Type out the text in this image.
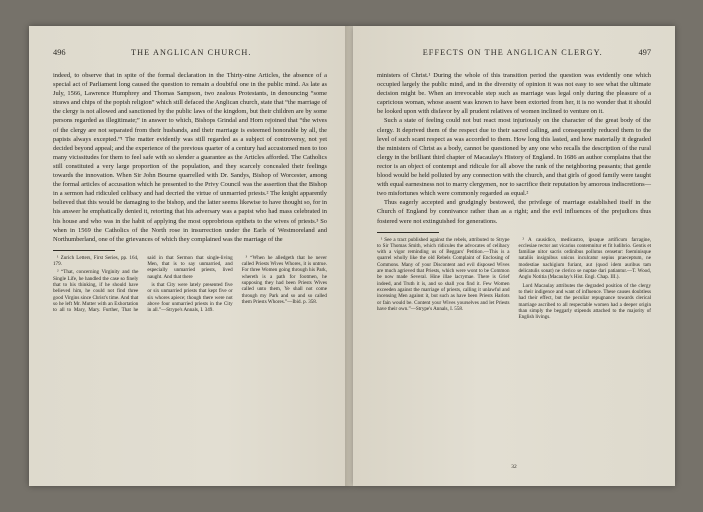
496	THE ANGLICAN CHURCH.

indeed, to observe that in spite of the formal declaration in the Thirty-nine Articles, the absence of a special act of Parliament long caused the question to remain a doubtful one in the public mind. As late as July, 1566, Lawrence Humphrey and Thomas Sampson, two zealous Protestants, in denouncing “some straws and chips of the popish religion” which still defaced the Anglican church, state that “the marriage of the clergy is not allowed and sanctioned by the public laws of the kingdom, but their children are by some persons regarded as illegitimate;” in answer to which, Bishops Grindal and Horn rejoined that “the wives of the clergy are not separated from their husbands, and their marriage is esteemed honorable by all, the papists always excepted.”¹ The matter evidently was still regarded as a subject of controversy, not yet decided beyond appeal; and the experience of the previous quarter of a century had accustomed men to too many vicissitudes for them to feel safe with so slender a guarantee as the Articles afforded. The Catholics still constituted a very large proportion of the population, and they scarcely concealed their feelings towards the innovation. When Sir John Bourne quarrelled with Dr. Sandys, Bishop of Worcester, among the formal articles of accusation which he presented to the Privy Council was the assertion that the Bishop in a sermon had ridiculed celibacy and had decried the virtue of unmarried priests.² The knight apparently believed that this would be damaging to the bishop, and the latter seems likewise to have thought so, for in his answer he emphatically denied it, retorting that his adversary was a papist who had mass celebrated in his house and who was in the habit of applying the most opprobrious epithets to the wives of priests.³ So when in 1569 the Catholics of the North rose in insurrection under the Earls of Westmoreland and Northumberland, one of the grievances of which they complained was the marriage of the

¹ Zurich Letters, First Series, pp. 164, 179.

² “That, concerning Virginity and the Single Life, he handled the case so finely that to his thinking, if he should have believed him, he could not find three good Virgins since Christ's time. And that so he left Mr. Mutter with an Exhortation to all to Mary, Mary. Further, That he said in that Sermon that single-living Men, that is to say unmarried, and especially unmarried priests, lived naught. And that there

is that City were lately presented five or six unmarried priests that kept five or six whores apiece; though there were not above four unmarried priests in the City in all.”—Strype's Annals, I. 349.

³ “When he alledgeth that he never called Priests Wives Whores, it is untrue. For three Women going through his Park, whereth is a path for footmen, he supposing they had been Priests Wives called unto them, Ye shall not come through my Park and so and so called them Priests Whores.”—Ibid. p. 358.

EFFECTS ON THE ANGLICAN CLERGY.	497

ministers of Christ.¹ During the whole of this transition period the question was evidently one which occupied largely the public mind, and in the diversity of opinion it was not easy to see what the ultimate decision might be. When an irrevocable step such as marriage was legal only during the pleasure of a capricious woman, whose assent was known to have been extorted from her, it is no wonder that it should be looked upon with disfavor by all prudent relatives of women inclined to venture on it.

Such a state of feeling could not but react most injuriously on the character of the great body of the clergy. It deprived them of the respect due to their sacred calling, and consequently reduced them to the level of such scant respect as was accorded to them. How long this lasted, and how materially it degraded the ministers of Christ as a body, cannot be questioned by any one who recalls the description of the rural clergy in the brilliant third chapter of Macaulay's History of England. In 1686 an author complains that the rector is an object of contempt and ridicule for all above the rank of the neighboring peasants; that gentle blood would be held polluted by any connection with the church, and that girls of good family were taught with equal earnestness not to marry clergymen, nor to sacrifice their reputation by amorous indiscretions—two misfortunes which were commonly regarded as equal.²

Thus eagerly accepted and grudgingly bestowed, the privilege of marriage established itself in the Church of England by connivance rather than as a right; and the evil influences of the prejudices thus fostered were not extinguished for generations.

¹ See a tract published against the rebels, attributed to Strype to Sir Thomas Smith, which ridicules the advocates of celibacy with a vigor reminding us of Beggars' Petition.—This is a quarrel wholly like the old Rebels Complaint of Enclosing of Commons. Many of your Discontent and evil disposed Wives are much agrieved that Priests, which were wont to be Common be now made Several. Hine illae lacrymae. There is Grief indeed, and Truth it is, and so shall you find it. Few Women exceeden against the marriage of priests, calling it unlawful and incensing Men against it, but such as have been Priests Harlots or fain would be. Content your Wives yourselves and let Priests have their own.”—Strype's Annals, I. 558.

² A causidico, medicastro, ipsaque artificum farragine, ecclesiae rector aut vicarius contemnitur et fit ludibrio. Gentis et familiae nitor sacris ordinibus pollutus censetur: foeminisque nataliis insignibus unicus inculcatur sepius praeceptum, ne modestiae nachigium furiant, aut (quod idem auribus tam delicatulis sonat) ne clerico se nuptae dari patiantur.—T. Wood, Anglo Notitia (Macaulay's Hist. Engl. Chap. III.).

Lord Macaulay attributes the degraded position of the clergy to their indigence and want of influence. These causes doubtless had their effect, but the peculiar repugnance towards clerical marriage ascribed to all respectable women had a deeper origin than simply the beggarly stipends attached to the majority of English livings.

32
